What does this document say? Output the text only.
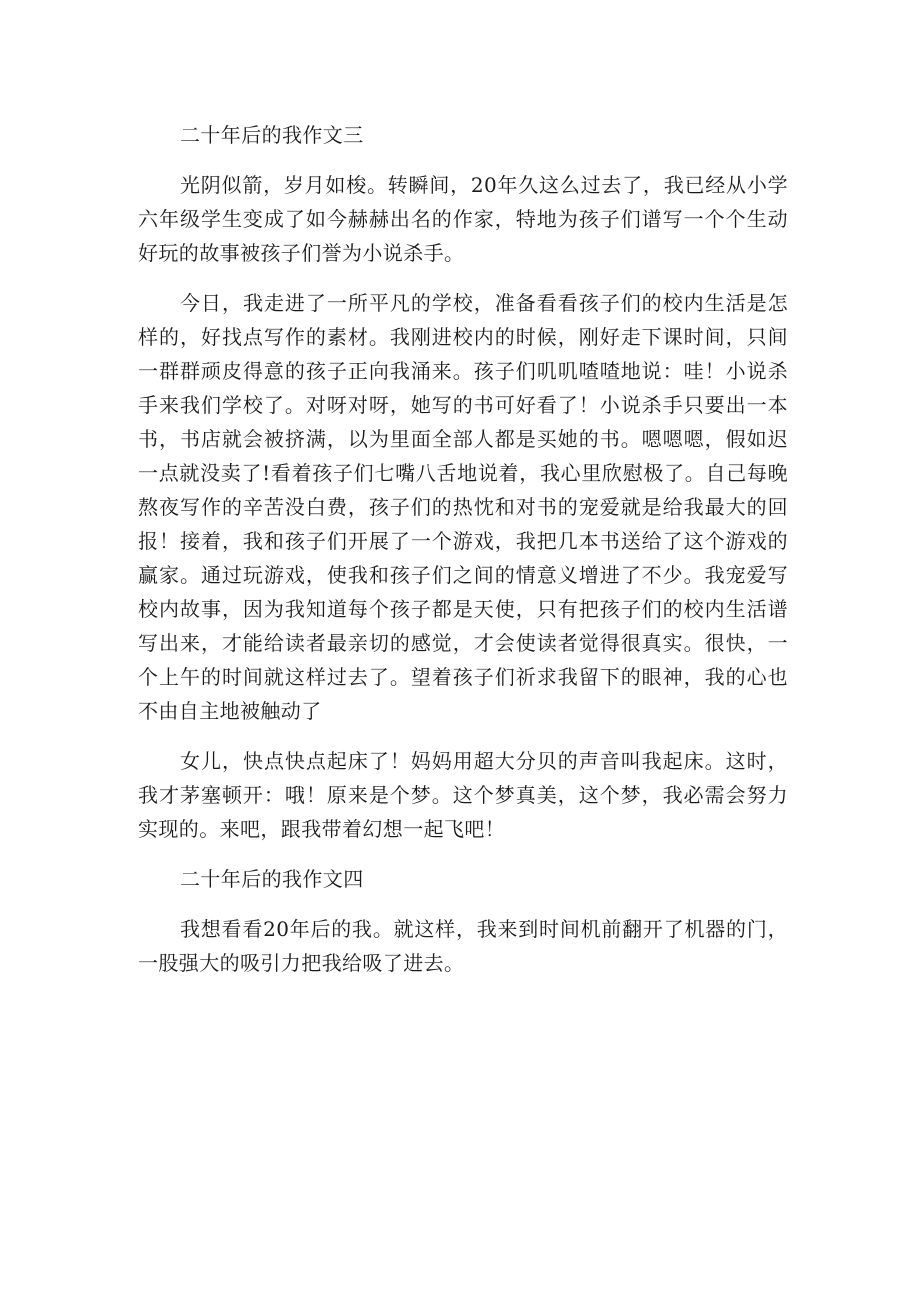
二十年后的我作文三

光阴似箭，岁月如梭。转瞬间，20年久这么过去了，我已经从小学六年级学生变成了如今赫赫出名的作家，特地为孩子们谱写一个个生动好玩的故事被孩子们誉为小说杀手。

今日，我走进了一所平凡的学校，准备看看孩子们的校内生活是怎样的，好找点写作的素材。我刚进校内的时候，刚好走下课时间，只间一群群顽皮得意的孩子正向我涌来。孩子们叽叽喳喳地说：哇！小说杀手来我们学校了。对呀对呀，她写的书可好看了！小说杀手只要出一本书，书店就会被挤满，以为里面全部人都是买她的书。嗯嗯嗯，假如迟一点就没卖了!看着孩子们七嘴八舌地说着，我心里欣慰极了。自己每晚熬夜写作的辛苦没白费，孩子们的热忱和对书的宠爱就是给我最大的回报！接着，我和孩子们开展了一个游戏，我把几本书送给了这个游戏的赢家。通过玩游戏，使我和孩子们之间的情意义增进了不少。我宠爱写校内故事，因为我知道每个孩子都是天使，只有把孩子们的校内生活谱写出来，才能给读者最亲切的感觉，才会使读者觉得很真实。很快，一个上午的时间就这样过去了。望着孩子们祈求我留下的眼神，我的心也不由自主地被触动了

女儿，快点快点起床了！妈妈用超大分贝的声音叫我起床。这时，我才茅塞顿开：哦！原来是个梦。这个梦真美，这个梦，我必需会努力实现的。来吧，跟我带着幻想一起飞吧！

二十年后的我作文四

我想看看20年后的我。就这样，我来到时间机前翻开了机器的门，一股强大的吸引力把我给吸了进去。
